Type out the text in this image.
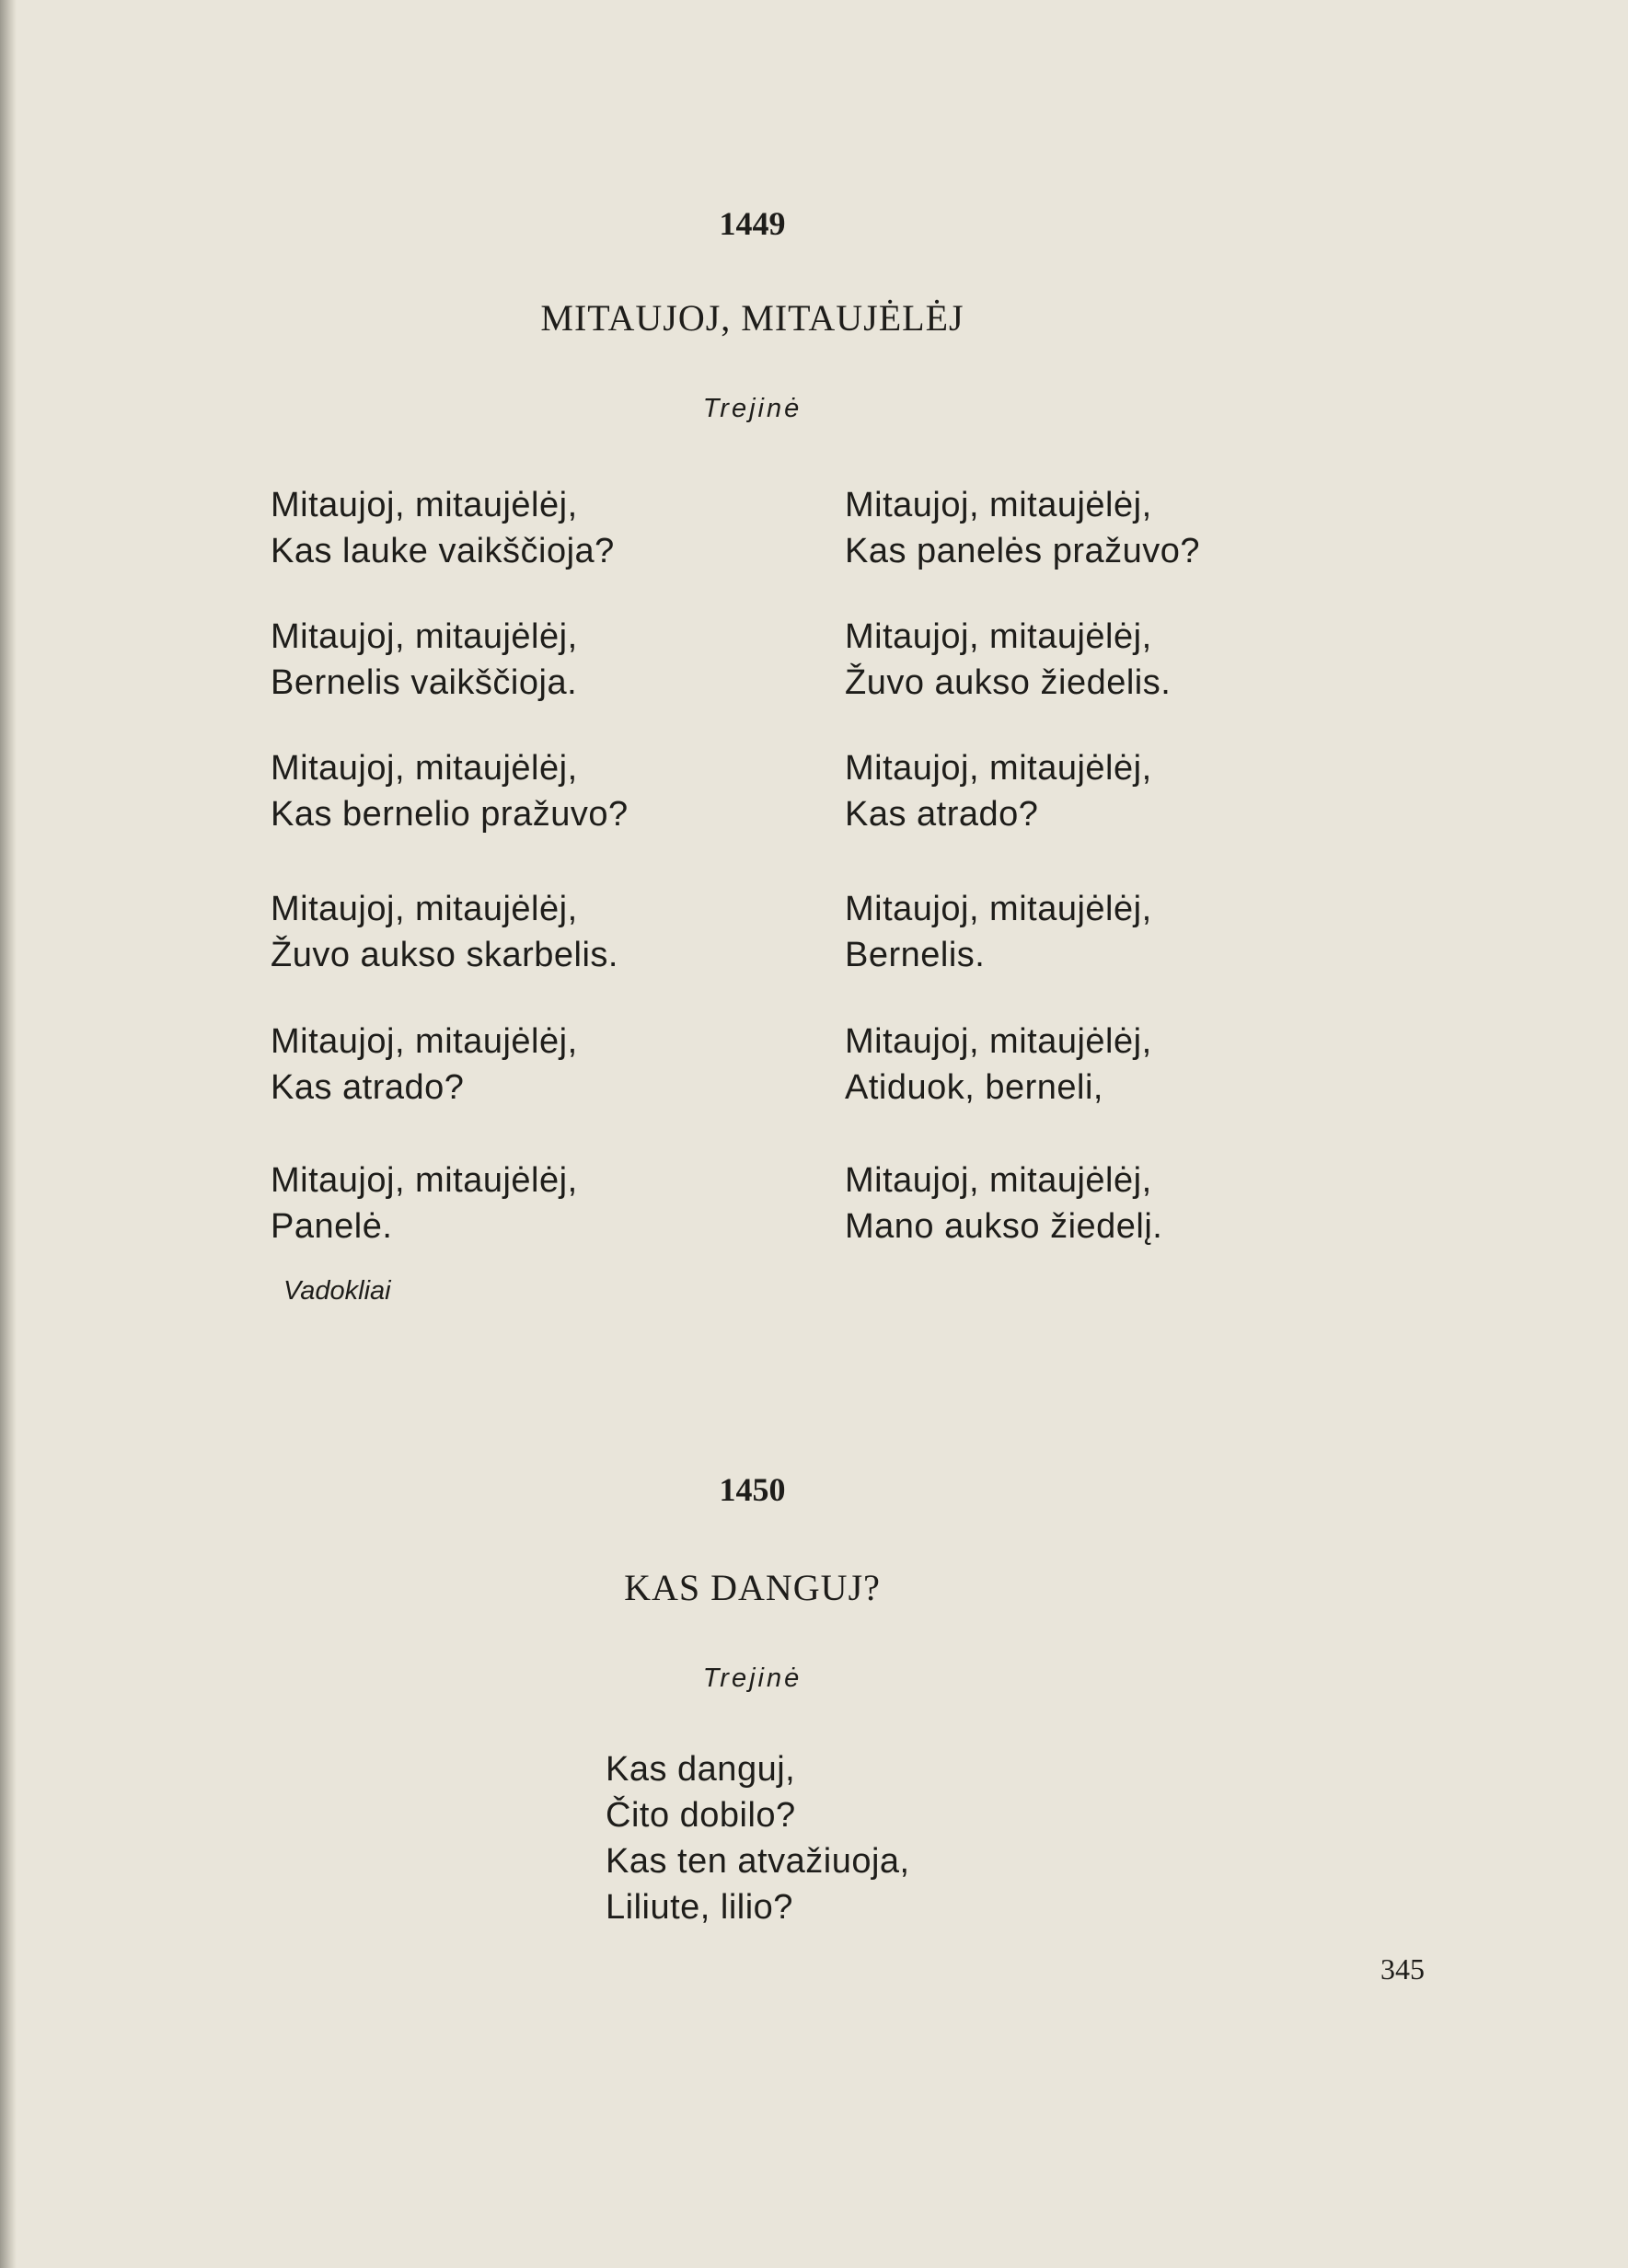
1449
MITAUJOJ, MITAUJĖLĖJ
Trejinė
Mitaujoj, mitaujėlėj,
Kas lauke vaikščioja?
Mitaujoj, mitaujėlėj,
Bernelis vaikščioja.
Mitaujoj, mitaujėlėj,
Kas bernelio pražuvo?
Mitaujoj, mitaujėlėj,
Žuvo aukso skarbelis.
Mitaujoj, mitaujėlėj,
Kas atrado?
Mitaujoj, mitaujėlėj,
Panelė.
Mitaujoj, mitaujėlėj,
Kas panelės pražuvo?
Mitaujoj, mitaujėlėj,
Žuvo aukso žiedelis.
Mitaujoj, mitaujėlėj,
Kas atrado?
Mitaujoj, mitaujėlėj,
Bernelis.
Mitaujoj, mitaujėlėj,
Atiduok, berneli,
Mitaujoj, mitaujėlėj,
Mano aukso žiedelį.
Vadokliai
1450
KAS DANGUJ?
Trejinė
Kas danguj,
Čito dobilo?
Kas ten atvažiuoja,
Liliute, lilio?
345
